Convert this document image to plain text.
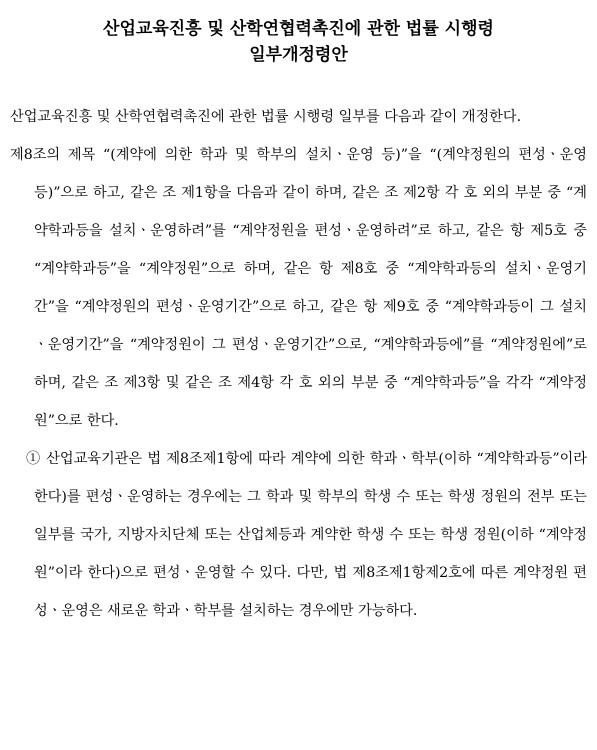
산업교육진흥 및 산학연협력촉진에 관한 법률 시행령
일부개정령안

산업교육진흥 및 산학연협력촉진에 관한 법률 시행령 일부를 다음과 같이 개정한다.

제8조의 제목 “(계약에 의한 학과 및 학부의 설치ㆍ운영 등)”을 “(계약정원의 편성ㆍ운영 등)”으로 하고, 같은 조 제1항을 다음과 같이 하며, 같은 조 제2항 각 호 외의 부분 중 “계약학과등을 설치ㆍ운영하려”를 “계약정원을 편성ㆍ운영하려”로 하고, 같은 항 제5호 중 “계약학과등”을 “계약정원”으로 하며, 같은 항 제8호 중 “계약학과등의 설치ㆍ운영기간”을 “계약정원의 편성ㆍ운영기간”으로 하고, 같은 항 제9호 중 “계약학과등이 그 설치ㆍ운영기간”을 “계약정원이 그 편성ㆍ운영기간”으로, “계약학과등에”를 “계약정원에”로 하며, 같은 조 제3항 및 같은 조 제4항 각 호 외의 부분 중 “계약학과등”을 각각 “계약정원”으로 한다.

① 산업교육기관은 법 제8조제1항에 따라 계약에 의한 학과ㆍ학부(이하 “계약학과등”이라 한다)를 편성ㆍ운영하는 경우에는 그 학과 및 학부의 학생 수 또는 학생 정원의 전부 또는 일부를 국가, 지방자치단체 또는 산업체등과 계약한 학생 수 또는 학생 정원(이하 “계약정원”이라 한다)으로 편성ㆍ운영할 수 있다. 다만, 법 제8조제1항제2호에 따른 계약정원 편성ㆍ운영은 새로운 학과ㆍ학부를 설치하는 경우에만 가능하다.
